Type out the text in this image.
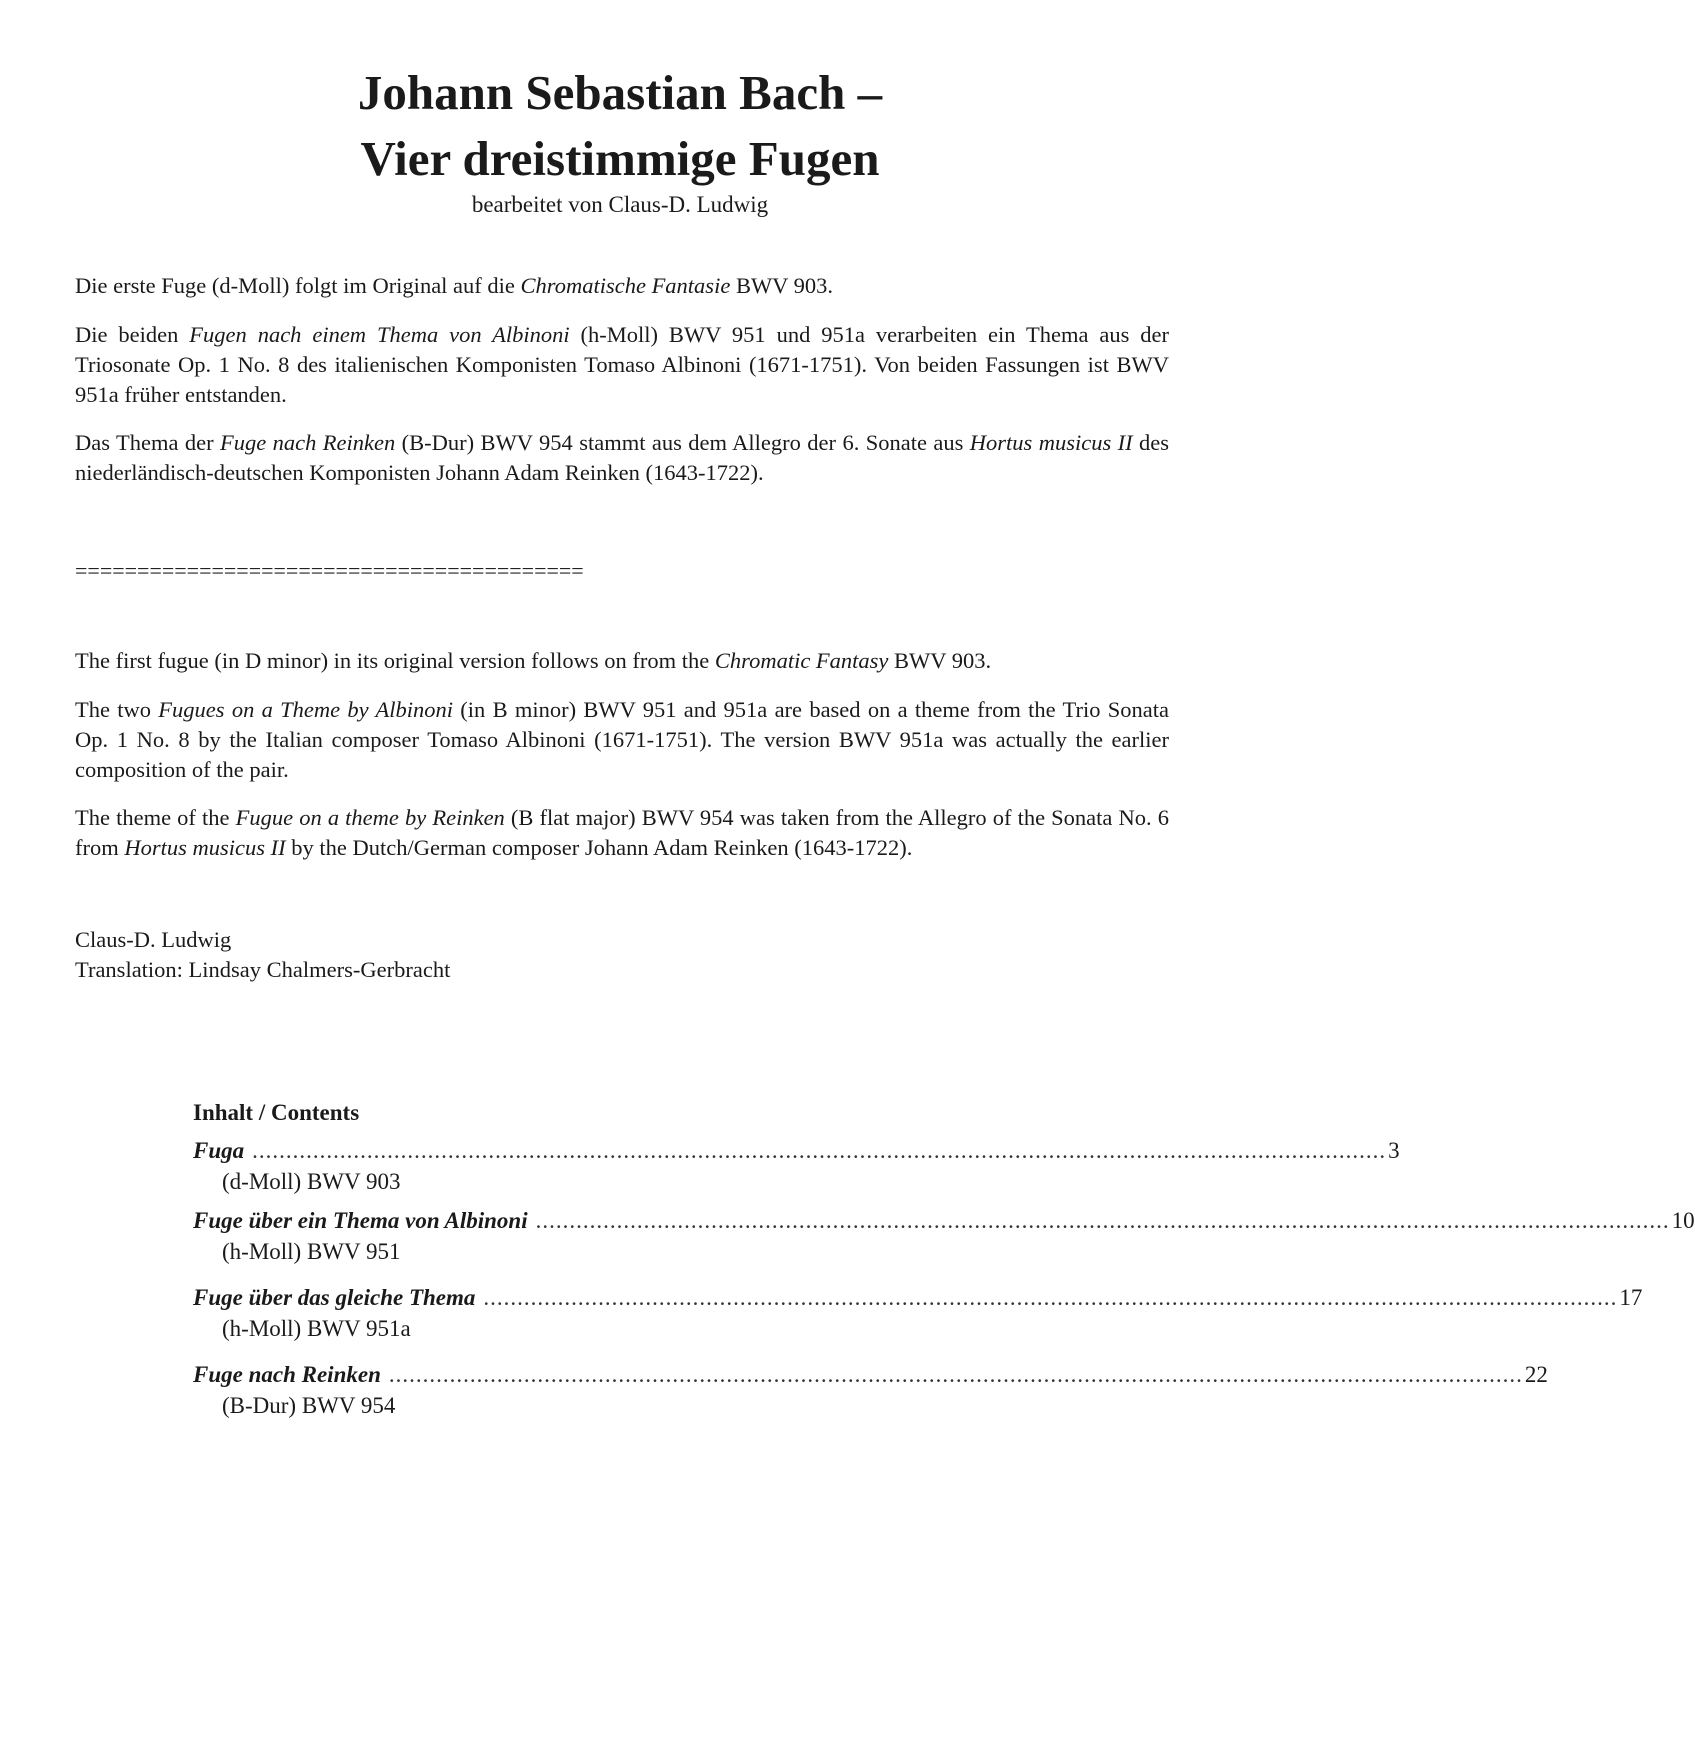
Johann Sebastian Bach –
Vier dreistimmige Fugen

bearbeitet von Claus-D. Ludwig

Die erste Fuge (d-Moll) folgt im Original auf die Chromatische Fantasie BWV 903.

Die beiden Fugen nach einem Thema von Albinoni (h-Moll) BWV 951 und 951a verarbeiten ein Thema aus der Triosonate Op. 1 No. 8 des italienischen Komponisten Tomaso Albinoni (1671-1751). Von beiden Fassungen ist BWV 951a früher entstanden.

Das Thema der Fuge nach Reinken (B-Dur) BWV 954 stammt aus dem Allegro der 6. Sonate aus Hortus musicus II des niederländisch-deutschen Komponisten Johann Adam Reinken (1643-1722).

=========================================

The first fugue (in D minor) in its original version follows on from the Chromatic Fantasy BWV 903.

The two Fugues on a Theme by Albinoni (in B minor) BWV 951 and 951a are based on a theme from the Trio Sonata Op. 1 No. 8 by the Italian composer Tomaso Albinoni (1671-1751). The version BWV 951a was actually the earlier composition of the pair.

The theme of the Fugue on a theme by Reinken (B flat major) BWV 954 was taken from the Allegro of the Sonata No. 6 from Hortus musicus II by the Dutch/German composer Johann Adam Reinken (1643-1722).

Claus-D. Ludwig

Translation: Lindsay Chalmers-Gerbracht

Inhalt / Contents

Fuga ........................................................................................................................................................................ 3

(d-Moll) BWV 903

Fuge über ein Thema von Albinoni ........................................................................................................................................................................ 10

(h-Moll) BWV 951

Fuge über das gleiche Thema ........................................................................................................................................................................ 17

(h-Moll) BWV 951a

Fuge nach Reinken ........................................................................................................................................................................ 22

(B-Dur) BWV 954
